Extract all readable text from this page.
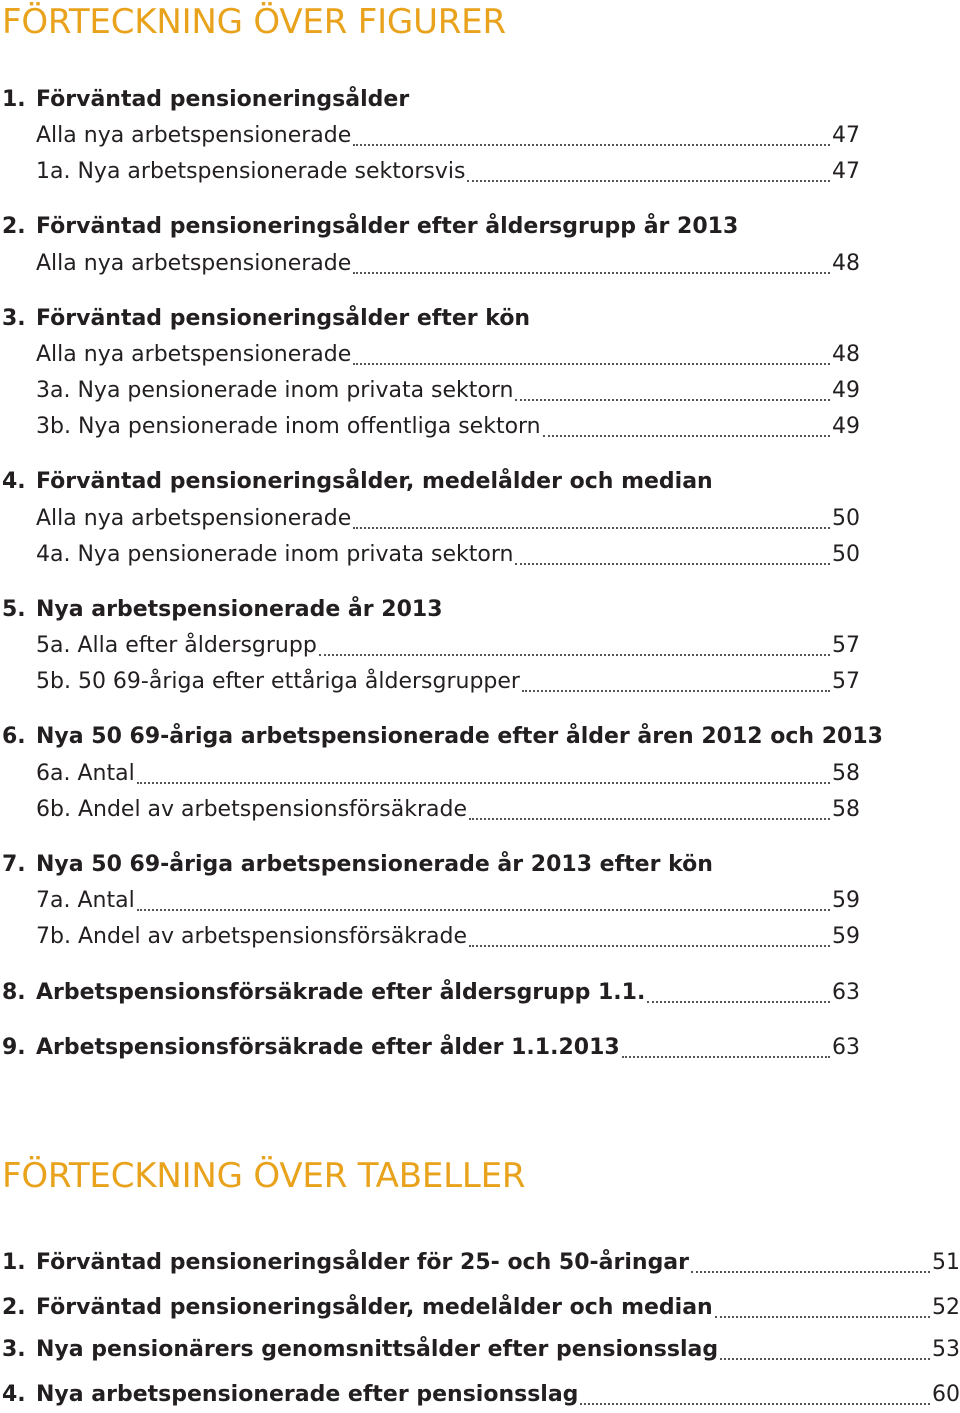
FÖRTECKNING ÖVER FIGURER
1. Förväntad pensioneringsålder
Alla nya arbetspensionerade	47
1a. Nya arbetspensionerade sektorsvis	47
2. Förväntad pensioneringsålder efter åldersgrupp år 2013
Alla nya arbetspensionerade	48
3. Förväntad pensioneringsålder efter kön
Alla nya arbetspensionerade	48
3a. Nya pensionerade inom privata sektorn	49
3b. Nya pensionerade inom offentliga sektorn	49
4. Förväntad pensioneringsålder, medelålder och median
Alla nya arbetspensionerade	50
4a. Nya pensionerade inom privata sektorn	50
5. Nya arbetspensionerade år 2013
5a. Alla efter åldersgrupp	57
5b. 50 69-åriga efter ettåriga åldersgrupper	57
6. Nya 50 69-åriga arbetspensionerade efter ålder åren 2012 och 2013
6a. Antal	58
6b. Andel av arbetspensionsförsäkrade	58
7. Nya 50 69-åriga arbetspensionerade år 2013 efter kön
7a. Antal	59
7b. Andel av arbetspensionsförsäkrade	59
8. Arbetspensionsförsäkrade efter åldersgrupp 1.1.	63
9. Arbetspensionsförsäkrade efter ålder 1.1.2013	63
FÖRTECKNING ÖVER TABELLER
1. Förväntad pensioneringsålder för 25- och 50-åringar	51
2. Förväntad pensioneringsålder, medelålder och median	52
3. Nya pensionärers genomsnittsålder efter pensionsslag	53
4. Nya arbetspensionerade efter pensionsslag	60
